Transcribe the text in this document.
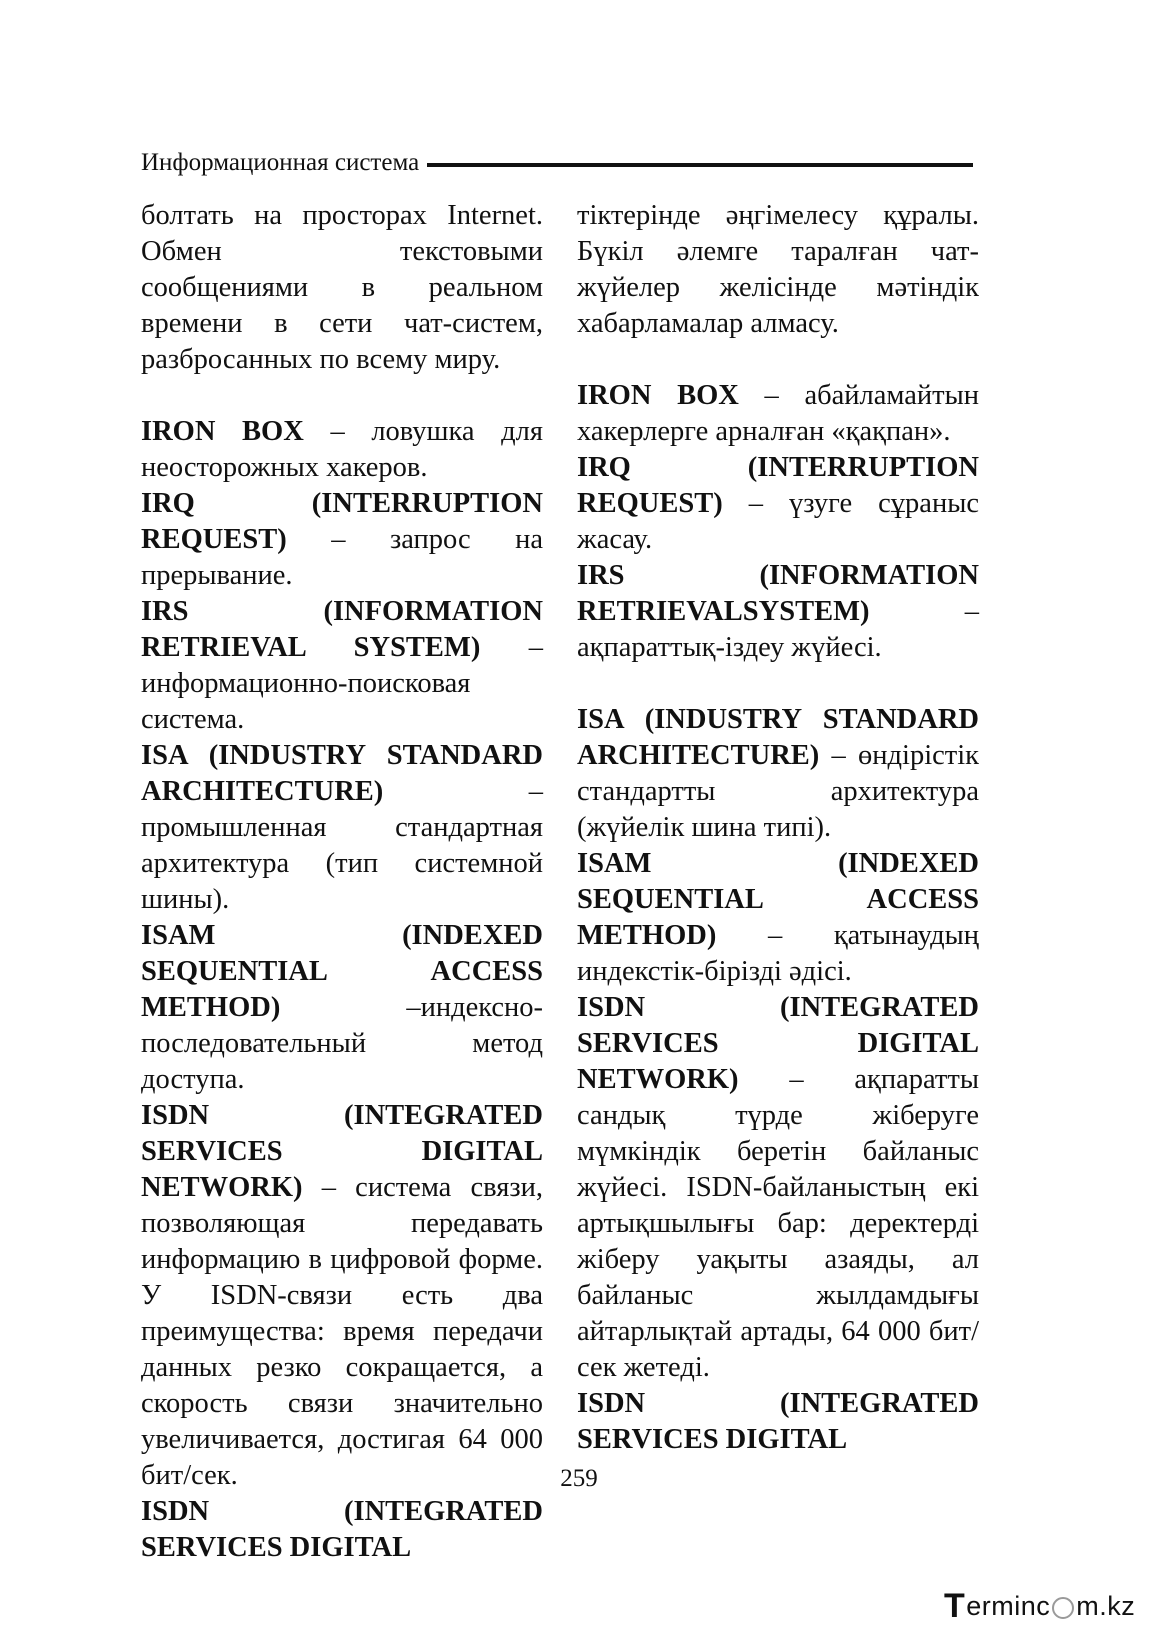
Информационная система

болтать на просторах Internet. Обмен текстовыми сообщениями в реальном времени в сети чат-систем, разбросанных по всему миру.

IRON BOX – ловушка для неосторожных хакеров.

IRQ (INTERRUPTION REQUEST) – запрос на прерывание.

IRS (INFORMATION RETRIEVAL SYSTEM) – информационно-поисковая система.

ISA (INDUSTRY STANDARD ARCHITECTURE) – промышленная стандартная архитектура (тип системной шины).

ISAM (INDEXED SEQUENTIAL ACCESS METHOD) –индексно-последовательный метод доступа.

ISDN (INTEGRATED SERVICES DIGITAL NETWORK) – система связи, позволяющая передавать информацию в цифровой форме. У ISDN-связи есть два преимущества: время передачи данных резко сокращается, а скорость связи значительно увеличивается, достигая 64 000 бит/сек.

ISDN (INTEGRATED SERVICES DIGITAL

тіктерінде әңгімелесу құралы. Бүкіл әлемге таралған чат-жүйелер желісінде мәтіндік хабарламалар алмасу.

IRON BOX – абайламайтын хакерлерге арналған «қақпан».

IRQ (INTERRUPTION REQUEST) – үзуге сұраныс жасау.

IRS (INFORMATION RETRIEVALSYSTEM) – ақпараттық-іздеу жүйесі.

ISA (INDUSTRY STANDARD ARCHITECTURE) – өндірістік стандартты архитектура (жүйелік шина типі).

ISAM (INDEXED SEQUENTIAL ACCESS METHOD) – қатынаудың индекстік-бірізді әдісі.

ISDN (INTEGRATED SERVICES DIGITAL NETWORK) – ақпаратты сандық түрде жіберуге мүмкіндік беретін байланыс жүйесі. ISDN-байланыстың екі артықшылығы бар: деректерді жіберу уақыты азаяды, ал байланыс жылдамдығы айтарлықтай артады, 64 000 бит/сек жетеді.

ISDN (INTEGRATED SERVICES DIGITAL

259
T erminc m.kz
